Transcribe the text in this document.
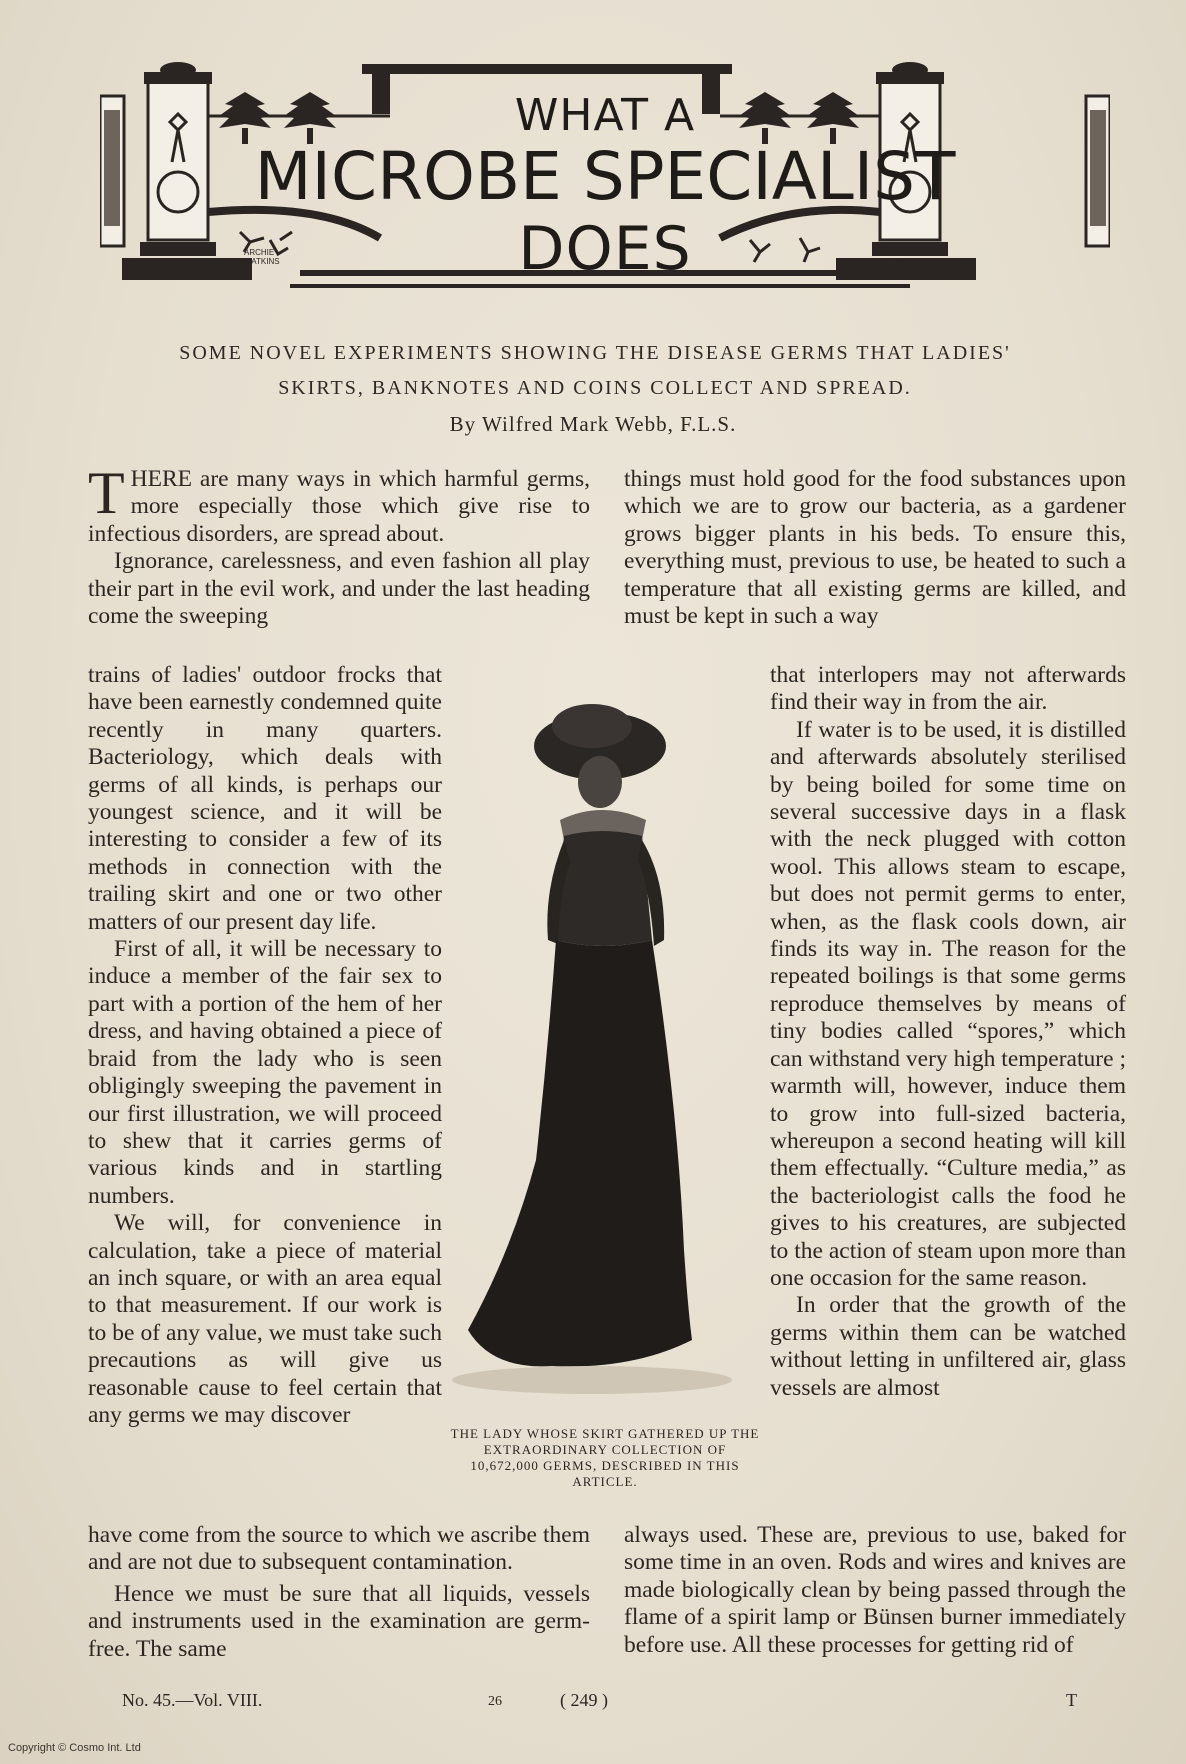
WHAT A
MICROBE SPECIALIST
DOES
ARCHIE WATKINS
SOME NOVEL EXPERIMENTS SHOWING THE DISEASE GERMS THAT LADIES'
SKIRTS, BANKNOTES AND COINS COLLECT AND SPREAD.
By Wilfred Mark Webb, F.L.S.

THERE are many ways in which harmful germs, more especially those which give rise to infectious disorders, are spread about.

Ignorance, carelessness, and even fashion all play their part in the evil work, and under the last heading come the sweeping

trains of ladies' outdoor frocks that have been earnestly condemned quite recently in many quarters. Bacteriology, which deals with germs of all kinds, is perhaps our youngest science, and it will be interesting to consider a few of its methods in connection with the trailing skirt and one or two other matters of our present day life.

First of all, it will be necessary to induce a member of the fair sex to part with a portion of the hem of her dress, and having obtained a piece of braid from the lady who is seen obligingly sweeping the pavement in our first illustration, we will proceed to shew that it carries germs of various kinds and in startling numbers.

We will, for convenience in calculation, take a piece of material an inch square, or with an area equal to that measurement. If our work is to be of any value, we must take such precautions as will give us reasonable cause to feel certain that any germs we may discover

have come from the source to which we ascribe them and are not due to subsequent contamination.

Hence we must be sure that all liquids, vessels and instruments used in the examination are germ-free. The same

things must hold good for the food substances upon which we are to grow our bacteria, as a gardener grows bigger plants in his beds. To ensure this, everything must, previous to use, be heated to such a temperature that all existing germs are killed, and must be kept in such a way

that interlopers may not afterwards find their way in from the air.

If water is to be used, it is distilled and afterwards absolutely sterilised by being boiled for some time on several successive days in a flask with the neck plugged with cotton wool. This allows steam to escape, but does not permit germs to enter, when, as the flask cools down, air finds its way in. The reason for the repeated boilings is that some germs reproduce themselves by means of tiny bodies called “spores,” which can withstand very high temperature ; warmth will, however, induce them to grow into full-sized bacteria, whereupon a second heating will kill them effectually. “Culture media,” as the bacteriologist calls the food he gives to his creatures, are subjected to the action of steam upon more than one occasion for the same reason.

In order that the growth of the germs within them can be watched without letting in unfiltered air, glass vessels are almost

always used. These are, previous to use, baked for some time in an oven. Rods and wires and knives are made biologically clean by being passed through the flame of a spirit lamp or Bünsen burner immediately before use. All these processes for getting rid of

THE LADY WHOSE SKIRT GATHERED UP THE EXTRAORDINARY COLLECTION OF 10,672,000 GERMS, DESCRIBED IN THIS ARTICLE.
No. 45.—Vol. VIII.	26	( 249 )	T
Copyright © Cosmo Int. Ltd
